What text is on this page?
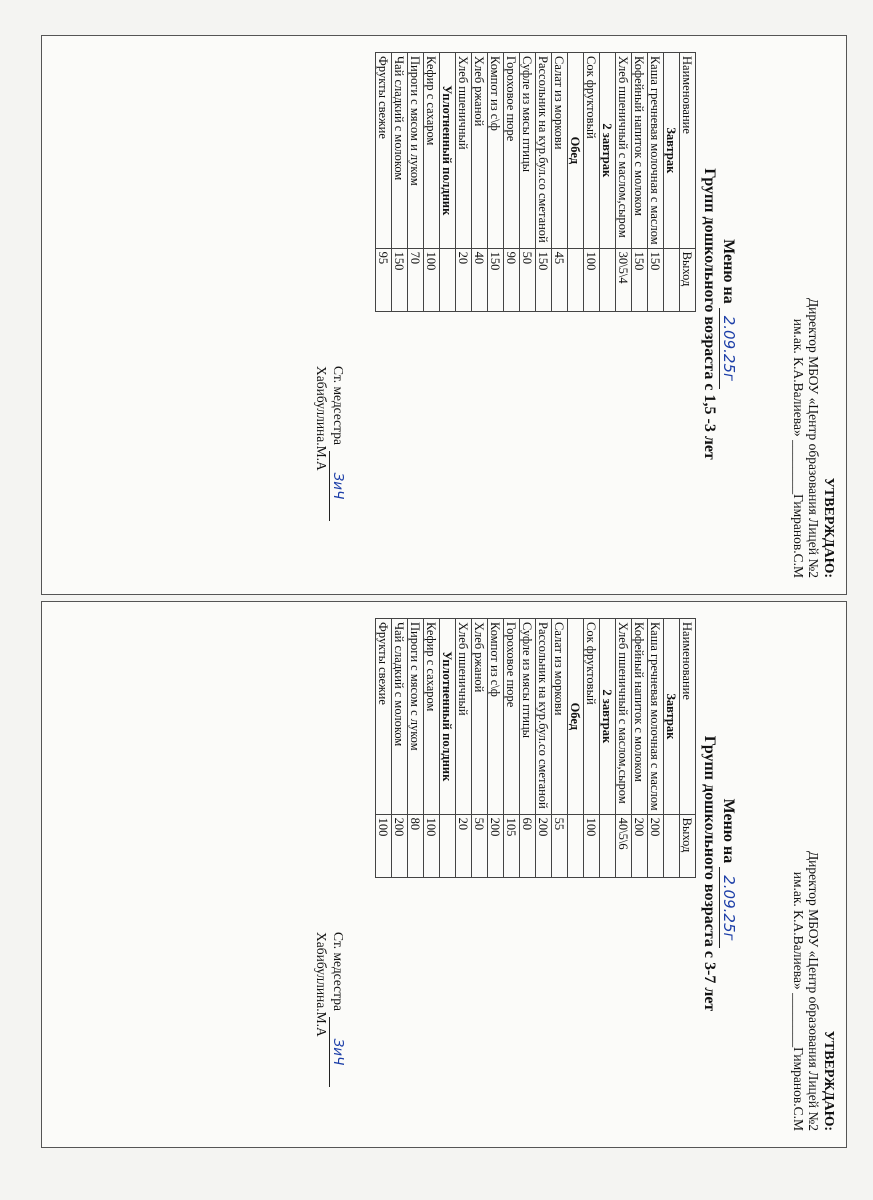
УТВЕРЖДАЮ:
Директор МБОУ «Центр образования Лицей №2
им.ак. К.А.Валиева» ________Гимранов.С.М
Меню на 2.09.25г
Групп дошкольного возраста с 1,5 -3 лет
Наименование	Выход
Завтрак	
Каша гречневая молочная с маслом	150
Кофейный напиток с молоком	150
Хлеб пшеничный с маслом,сыром	30\5\4
2 завтрак	
Сок фруктовый	100
Обед	
Салат из моркови	45
Рассольник на кур.бул.со сметаной	150
Суфле из мясы птицы	50
Гороховое пюре	90
Компот из с\ф	150
Хлеб ржаной	40
Хлеб пшеничный	20
Уплотненный полдник	
Кефир с сахаром	100
Пироги с мясом и луком	70
Чай сладкий с молоком	150
Фрукты свежие	95
Ст. медсестраЗиЧХабибуллина.М.А
УТВЕРЖДАЮ:
Директор МБОУ «Центр образования Лицей №2
им.ак. К.А.Валиева» ________Гимранов.С.М
Меню на 2.09.25г
Групп дошкольного возраста с 3-7 лет
Наименование	Выход
Завтрак	
Каша гречневая молочная с маслом	200
Кофейный напиток с молоком	200
Хлеб пшеничный с маслом,сыром	40\5\6
2 завтрак	
Сок фруктовый	100
Обед	
Салат из моркови	55
Рассольник на кур.бул.со сметаной	200
Суфле из мясы птицы	60
Гороховое пюре	105
Компот из с\ф	200
Хлеб ржаной	50
Хлеб пшеничный	20
Уплотненный полдник	
Кефир с сахаром	100
Пироги с мясом с луком	80
Чай сладкий с молоком	200
Фрукты свежие	100
Ст. медсестраЗиЧХабибуллина.М.А
